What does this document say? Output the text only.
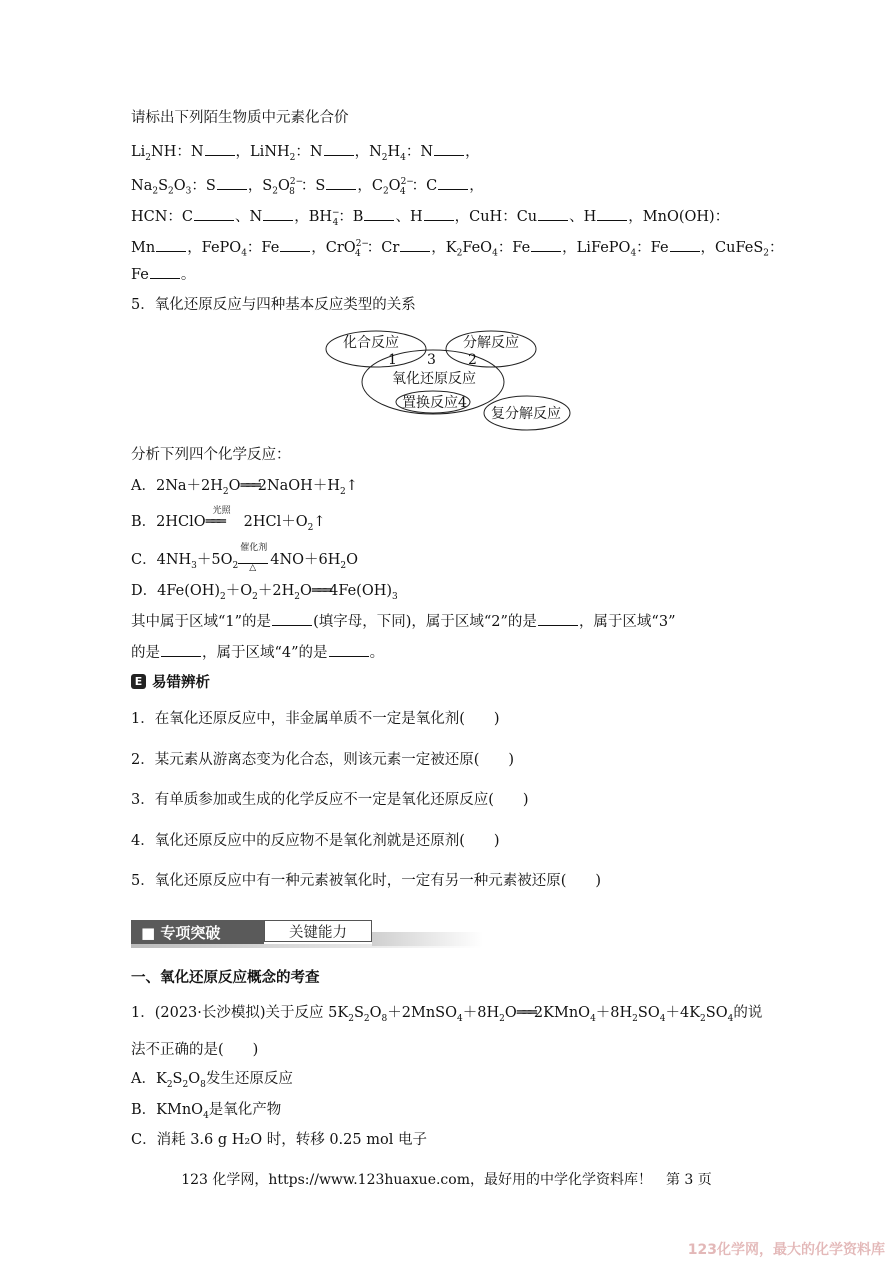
请标出下列陌生物质中元素化合价
$Li_2NH$：N ，LiNH$_2$：N ，$N_2H_4$：N ，
$Na_2S_2O_3$：S ，$S_2O^{2-}_8$ ：S ，$C_2O^{2-}_4$ ：C ，
HCN：C	、N ，$BH^-_4$：B 、H ，CuH：Cu 、H ，MnO(OH)：
Mn ，FePO$_4$：Fe ，CrO$^{2-}_4$ ：Cr ，$K_2FeO_4$：Fe ，LiFePO$_4$：Fe ，CuFeS$_2$：
Fe 。
5．氧化还原反应与四种基本反应类型的关系
化合反应	分解反应
1 3 2
氧化还原反应
置换反应4
复分解反应
分析下列四个化学反应：
A．$2Na+2H_2O═══2NaOH+H_2↑$
B．2HClO
光照
═══ $2HCl+O_2↑$
C．$4NH_3+5O_2$
催化剂
△ $4NO+6H_2O$
D．$4Fe(OH)_2+O_2+2H_2O═══4Fe(OH)_3$
其中属于区域“1”的是	(填字母，下同)，属于区域“2”的是	，属于区域“3”
的是	，属于区域“4”的是	。
E 易错辨析
1．在氧化还原反应中，非金属单质不一定是氧化剂(　　)
2．某元素从游离态变为化合态，则该元素一定被还原(　　)
3．有单质参加或生成的化学反应不一定是氧化还原反应(　　)
4．氧化还原反应中的反应物不是氧化剂就是还原剂(　　)
5．氧化还原反应中有一种元素被氧化时，一定有另一种元素被还原(　　)
■ 专项突破	关键能力
一、氧化还原反应概念的考查
1．(2023·长沙模拟)关于反应 $5K_2S_2O_8+2MnSO_4+8H_2O═══2KMnO_4+8H_2SO_4+4K_2SO_4$的说
法不正确的是(　　)
A．$K_2S_2O_8$发生还原反应
B．KMnO$_4$是氧化产物
C．消耗 3.6 g H₂O 时，转移 0.25 mol 电子
123 化学网，https://www.123huaxue.com，最好用的中学化学资料库！　第 3 页
123化学网，最大的化学资料库
